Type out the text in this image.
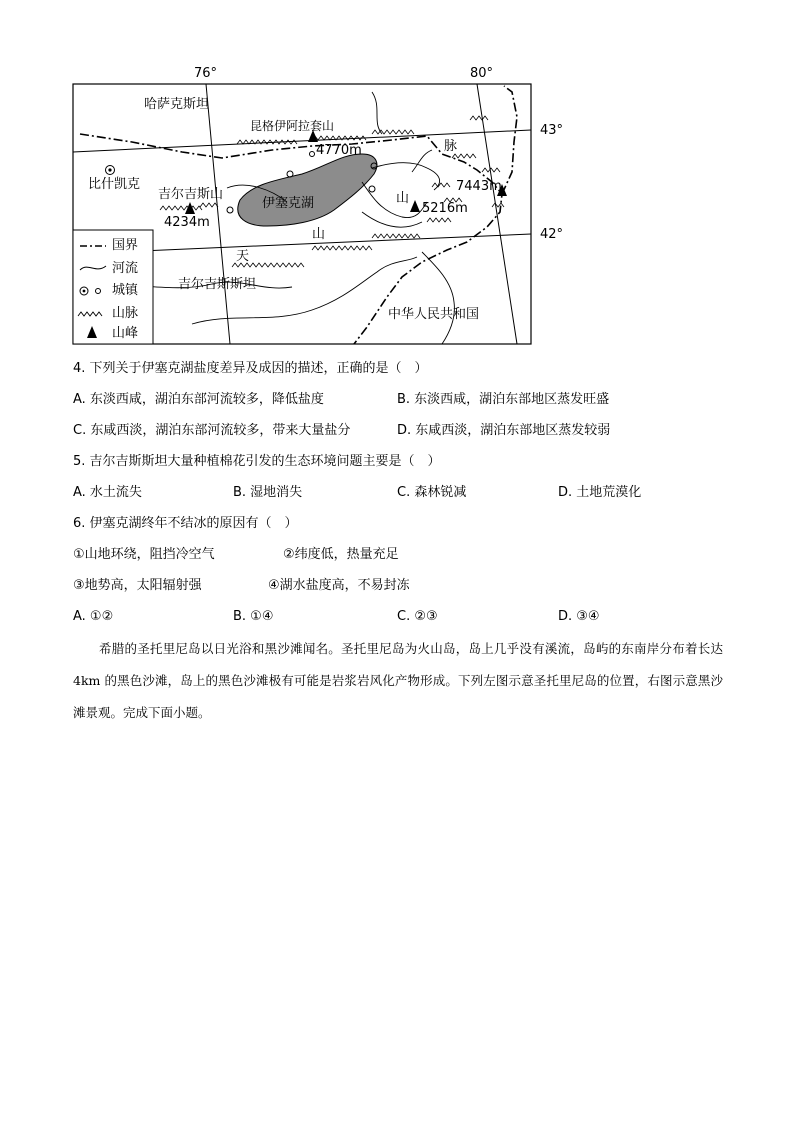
76°	80°
43°
42°
哈萨克斯坦
昆格伊阿拉套山
4770m
比什凯克
吉尔吉斯山
4234m
伊塞克湖	山
5216m
7443m
脉
天
山
吉尔吉斯斯坦
中华人民共和国
国界
河流
城镇
山脉
山峰
4. 下列关于伊塞克湖盐度差异及成因的描述，正确的是（　）
A. 东淡西咸，湖泊东部河流较多，降低盐度	B. 东淡西咸，湖泊东部地区蒸发旺盛
C. 东咸西淡，湖泊东部河流较多，带来大量盐分	D. 东咸西淡，湖泊东部地区蒸发较弱
5. 吉尔吉斯斯坦大量种植棉花引发的生态环境问题主要是（　）
A. 水土流失	B. 湿地消失	C. 森林锐减	D. 土地荒漠化
6. 伊塞克湖终年不结冰的原因有（　）
①山地环绕，阻挡冷空气	②纬度低，热量充足
③地势高，太阳辐射强	④湖水盐度高，不易封冻
A. ①②	B. ①④	C. ②③	D. ③④

希腊的圣托里尼岛以日光浴和黑沙滩闻名。圣托里尼岛为火山岛，岛上几乎没有溪流，岛屿的东南岸分布着长达 4km 的黑色沙滩，岛上的黑色沙滩极有可能是岩浆岩风化产物形成。下列左图示意圣托里尼岛的位置，右图示意黑沙滩景观。完成下面小题。
